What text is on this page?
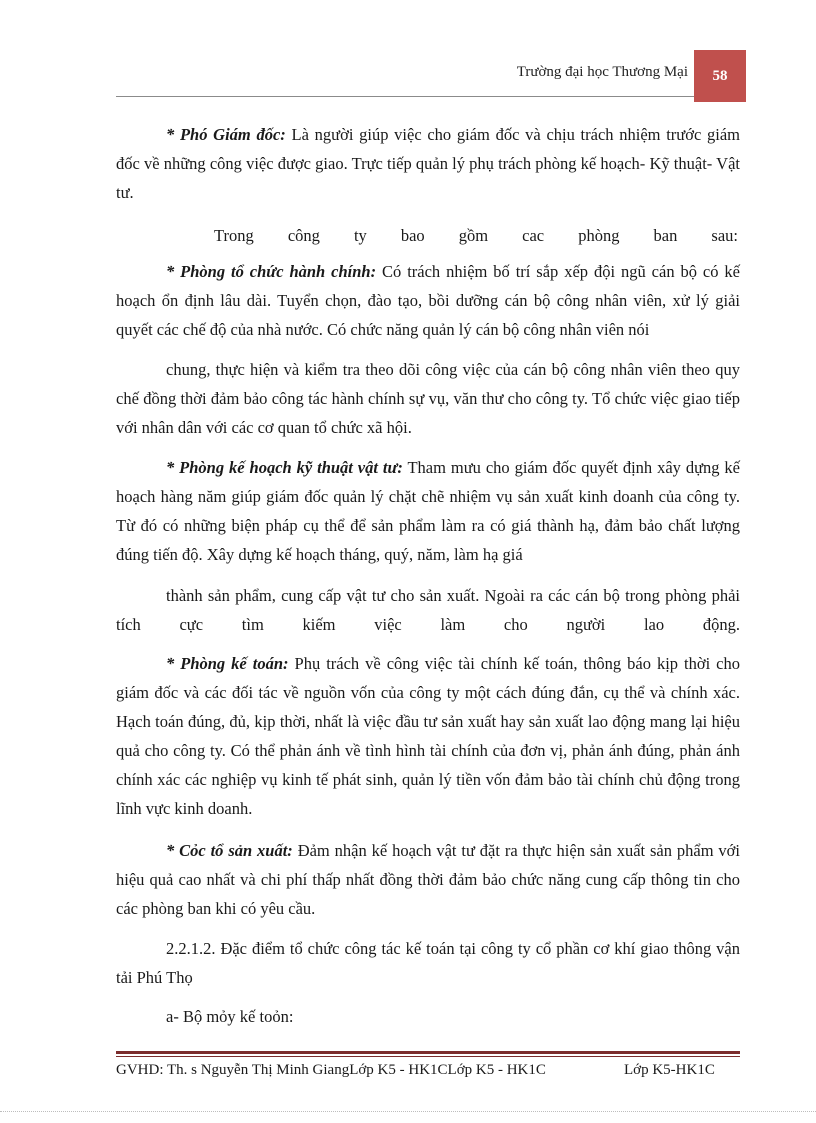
Trường đại học Thương Mại	58

* Phó Giám đốc: Là người giúp việc cho giám đốc và chịu trách nhiệm trước giám đốc về những công việc được giao. Trực tiếp quản lý phụ trách phòng kế hoạch- Kỹ thuật- Vật tư.

Trong công ty bao gồm cac phòng ban sau:

* Phòng tổ chức hành chính: Có trách nhiệm bố trí sắp xếp đội ngũ cán bộ có kế hoạch ổn định lâu dài. Tuyển chọn, đào tạo, bồi dưỡng cán bộ công nhân viên, xử lý giải quyết các chế độ của nhà nước. Có chức năng quản lý cán bộ công nhân viên nói

chung, thực hiện và kiểm tra theo dõi công việc của cán bộ công nhân viên theo quy chế đồng thời đảm bảo công tác hành chính sự vụ, văn thư cho công ty. Tổ chức việc giao tiếp với nhân dân với các cơ quan tổ chức xã hội.

* Phòng kế hoạch kỹ thuật vật tư: Tham mưu cho giám đốc quyết định xây dựng kế hoạch hàng năm giúp giám đốc quản lý chặt chẽ nhiệm vụ sản xuất kinh doanh của công ty. Từ đó có những biện pháp cụ thể để sản phẩm làm ra có giá thành hạ, đảm bảo chất lượng đúng tiến độ. Xây dựng kế hoạch tháng, quý, năm, làm hạ giá

thành sản phẩm, cung cấp vật tư cho sản xuất. Ngoài ra các cán bộ trong phòng phải tích cực tìm kiếm việc làm cho người lao động.

* Phòng kế toán: Phụ trách về công việc tài chính kế toán, thông báo kịp thời cho giám đốc và các đối tác về nguồn vốn của công ty một cách đúng đắn, cụ thể và chính xác. Hạch toán đúng, đủ, kịp thời, nhất là việc đầu tư sản xuất hay sản xuất lao động mang lại hiệu quả cho công ty. Có thể phản ánh về tình hình tài chính của đơn vị, phản ánh đúng, phản ánh chính xác các nghiệp vụ kinh tế phát sinh, quản lý tiền vốn đảm bảo tài chính chủ động trong lĩnh vực kinh doanh.

* Cỏc tổ sản xuất: Đảm nhận kế hoạch vật tư đặt ra thực hiện sản xuất sản phẩm với hiệu quả cao nhất và chi phí thấp nhất đồng thời đảm bảo chức năng cung cấp thông tin cho các phòng ban khi có yêu cầu.

2.2.1.2. Đặc điểm tổ chức công tác kế toán tại công ty cổ phần cơ khí giao thông vận tải Phú Thọ

a- Bộ mỏy kế toỏn:

GVHD: Th. s Nguyễn Thị Minh GiangLớp K5 - HK1CLớp K5 - HK1C	Lớp K5-HK1C
